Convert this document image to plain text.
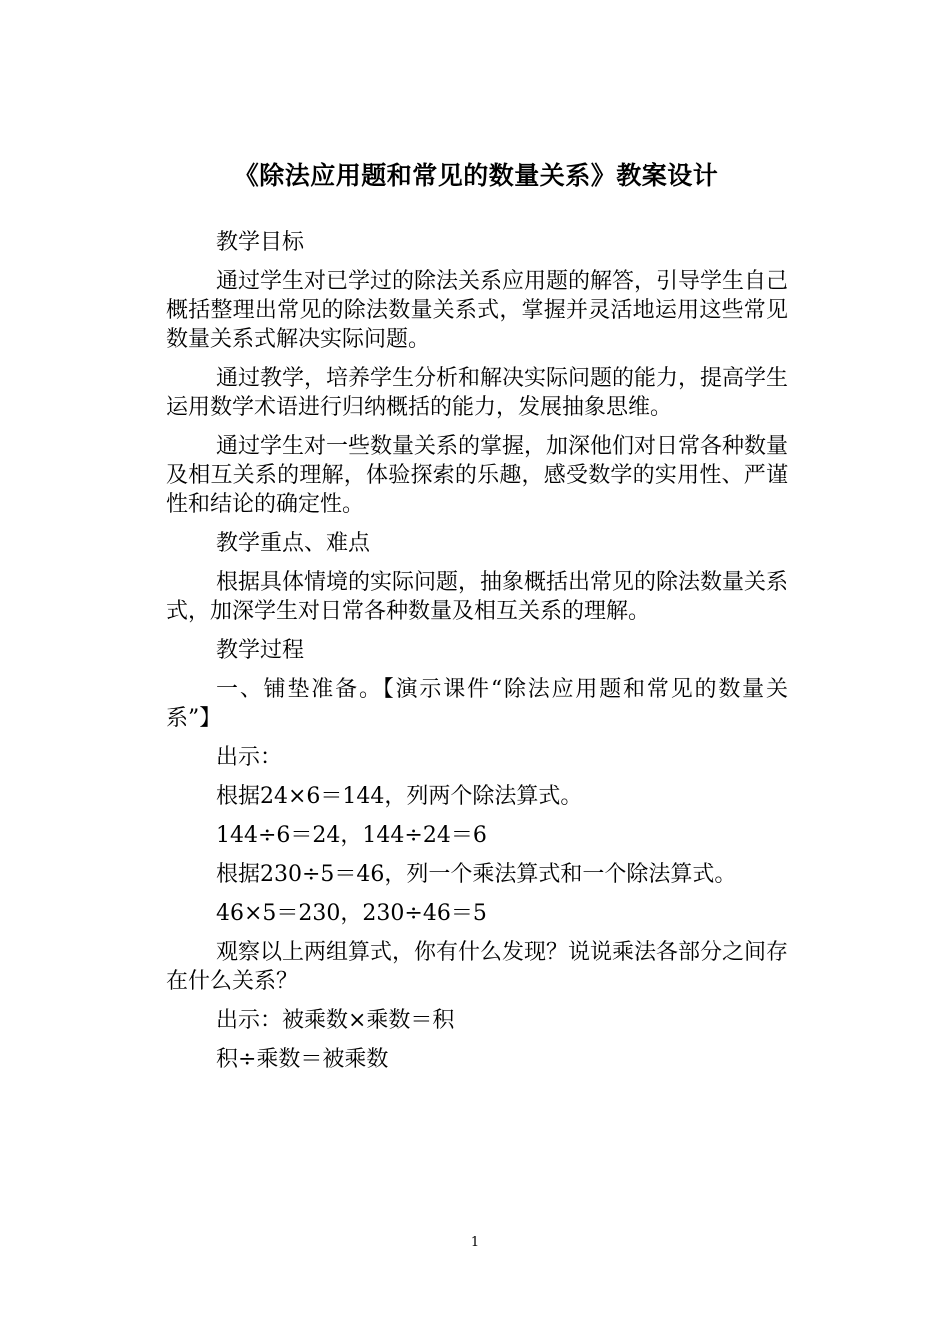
《除法应用题和常见的数量关系》教案设计

教学目标

通过学生对已学过的除法关系应用题的解答，引导学生自己概括整理出常见的除法数量关系式，掌握并灵活地运用这些常见数量关系式解决实际问题。

通过教学，培养学生分析和解决实际问题的能力，提高学生运用数学术语进行归纳概括的能力，发展抽象思维。

通过学生对一些数量关系的掌握，加深他们对日常各种数量及相互关系的理解，体验探索的乐趣，感受数学的实用性、严谨性和结论的确定性。

教学重点、难点

根据具体情境的实际问题，抽象概括出常见的除法数量关系式，加深学生对日常各种数量及相互关系的理解。

教学过程

一、铺垫准备。【演示课件“除法应用题和常见的数量关系”】

出示：

根据24×6＝144，列两个除法算式。

144÷6＝24，144÷24＝6

根据230÷5＝46，列一个乘法算式和一个除法算式。

46×5＝230，230÷46＝5

观察以上两组算式，你有什么发现？说说乘法各部分之间存在什么关系？

出示：被乘数×乘数＝积

积÷乘数＝被乘数

1
